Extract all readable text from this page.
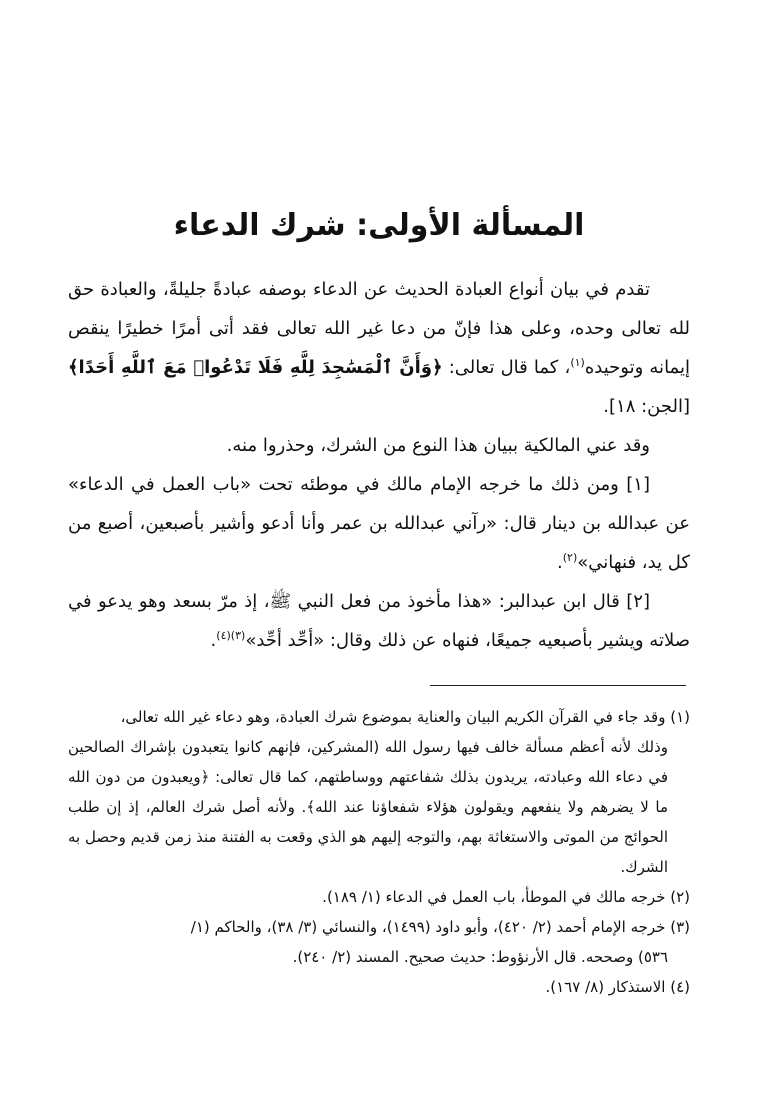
المسألة الأولى: شرك الدعاء

تقدم في بيان أنواع العبادة الحديث عن الدعاء بوصفه عبادةً جليلةً، والعبادة حق لله تعالى وحده، وعلى هذا فإنّ من دعا غير الله تعالى فقد أتى أمرًا خطيرًا ينقص إيمانه وتوحيده$^{(١)}$، كما قال تعالى: ﴿وَأَنَّ ٱلْمَسَٰجِدَ لِلَّهِ فَلَا تَدْعُوا۟ مَعَ ٱللَّهِ أَحَدًا﴾ [الجن: ١٨].

وقد عني المالكية ببيان هذا النوع من الشرك، وحذروا منه.

[١] ومن ذلك ما خرجه الإمام مالك في موطئه تحت «باب العمل في الدعاء» عن عبدالله بن دينار قال: «رآني عبدالله بن عمر وأنا أدعو وأشير بأصبعين، أصبع من كل يد، فنهاني»$^{(٢)}$.

[٢] قال ابن عبدالبر: «هذا مأخوذ من فعل النبي ﷺ، إذ مرّ بسعد وهو يدعو في صلاته ويشير بأصبعيه جميعًا، فنهاه عن ذلك وقال: «أحِّد أحِّد»$^{(٣)(٤)}$.

(١) وقد جاء في القرآن الكريم البيان والعناية بموضوع شرك العبادة، وهو دعاء غير الله تعالى،

وذلك لأنه أعظم مسألة خالف فيها رسول الله (المشركين، فإنهم كانوا يتعبدون بإشراك الصالحين في دعاء الله وعبادته، يريدون بذلك شفاعتهم ووساطتهم، كما قال تعالى: ﴿ويعبدون من دون الله ما لا يضرهم ولا ينفعهم ويقولون هؤلاء شفعاؤنا عند الله﴾. ولأنه أصل شرك العالم، إذ إن طلب الحوائج من الموتى والاستغاثة بهم، والتوجه إليهم هو الذي وقعت به الفتنة منذ زمن قديم وحصل به الشرك.

(٢) خرجه مالك في الموطأ، باب العمل في الدعاء (١/ ١٨٩).

(٣) خرجه الإمام أحمد (٢/ ٤٢٠)، وأبو داود (١٤٩٩)، والنسائي (٣/ ٣٨)، والحاكم (١/

٥٣٦) وصححه. قال الأرنؤوط: حديث صحيح. المسند (٢/ ٢٤٠).

(٤) الاستذكار (٨/ ١٦٧).
